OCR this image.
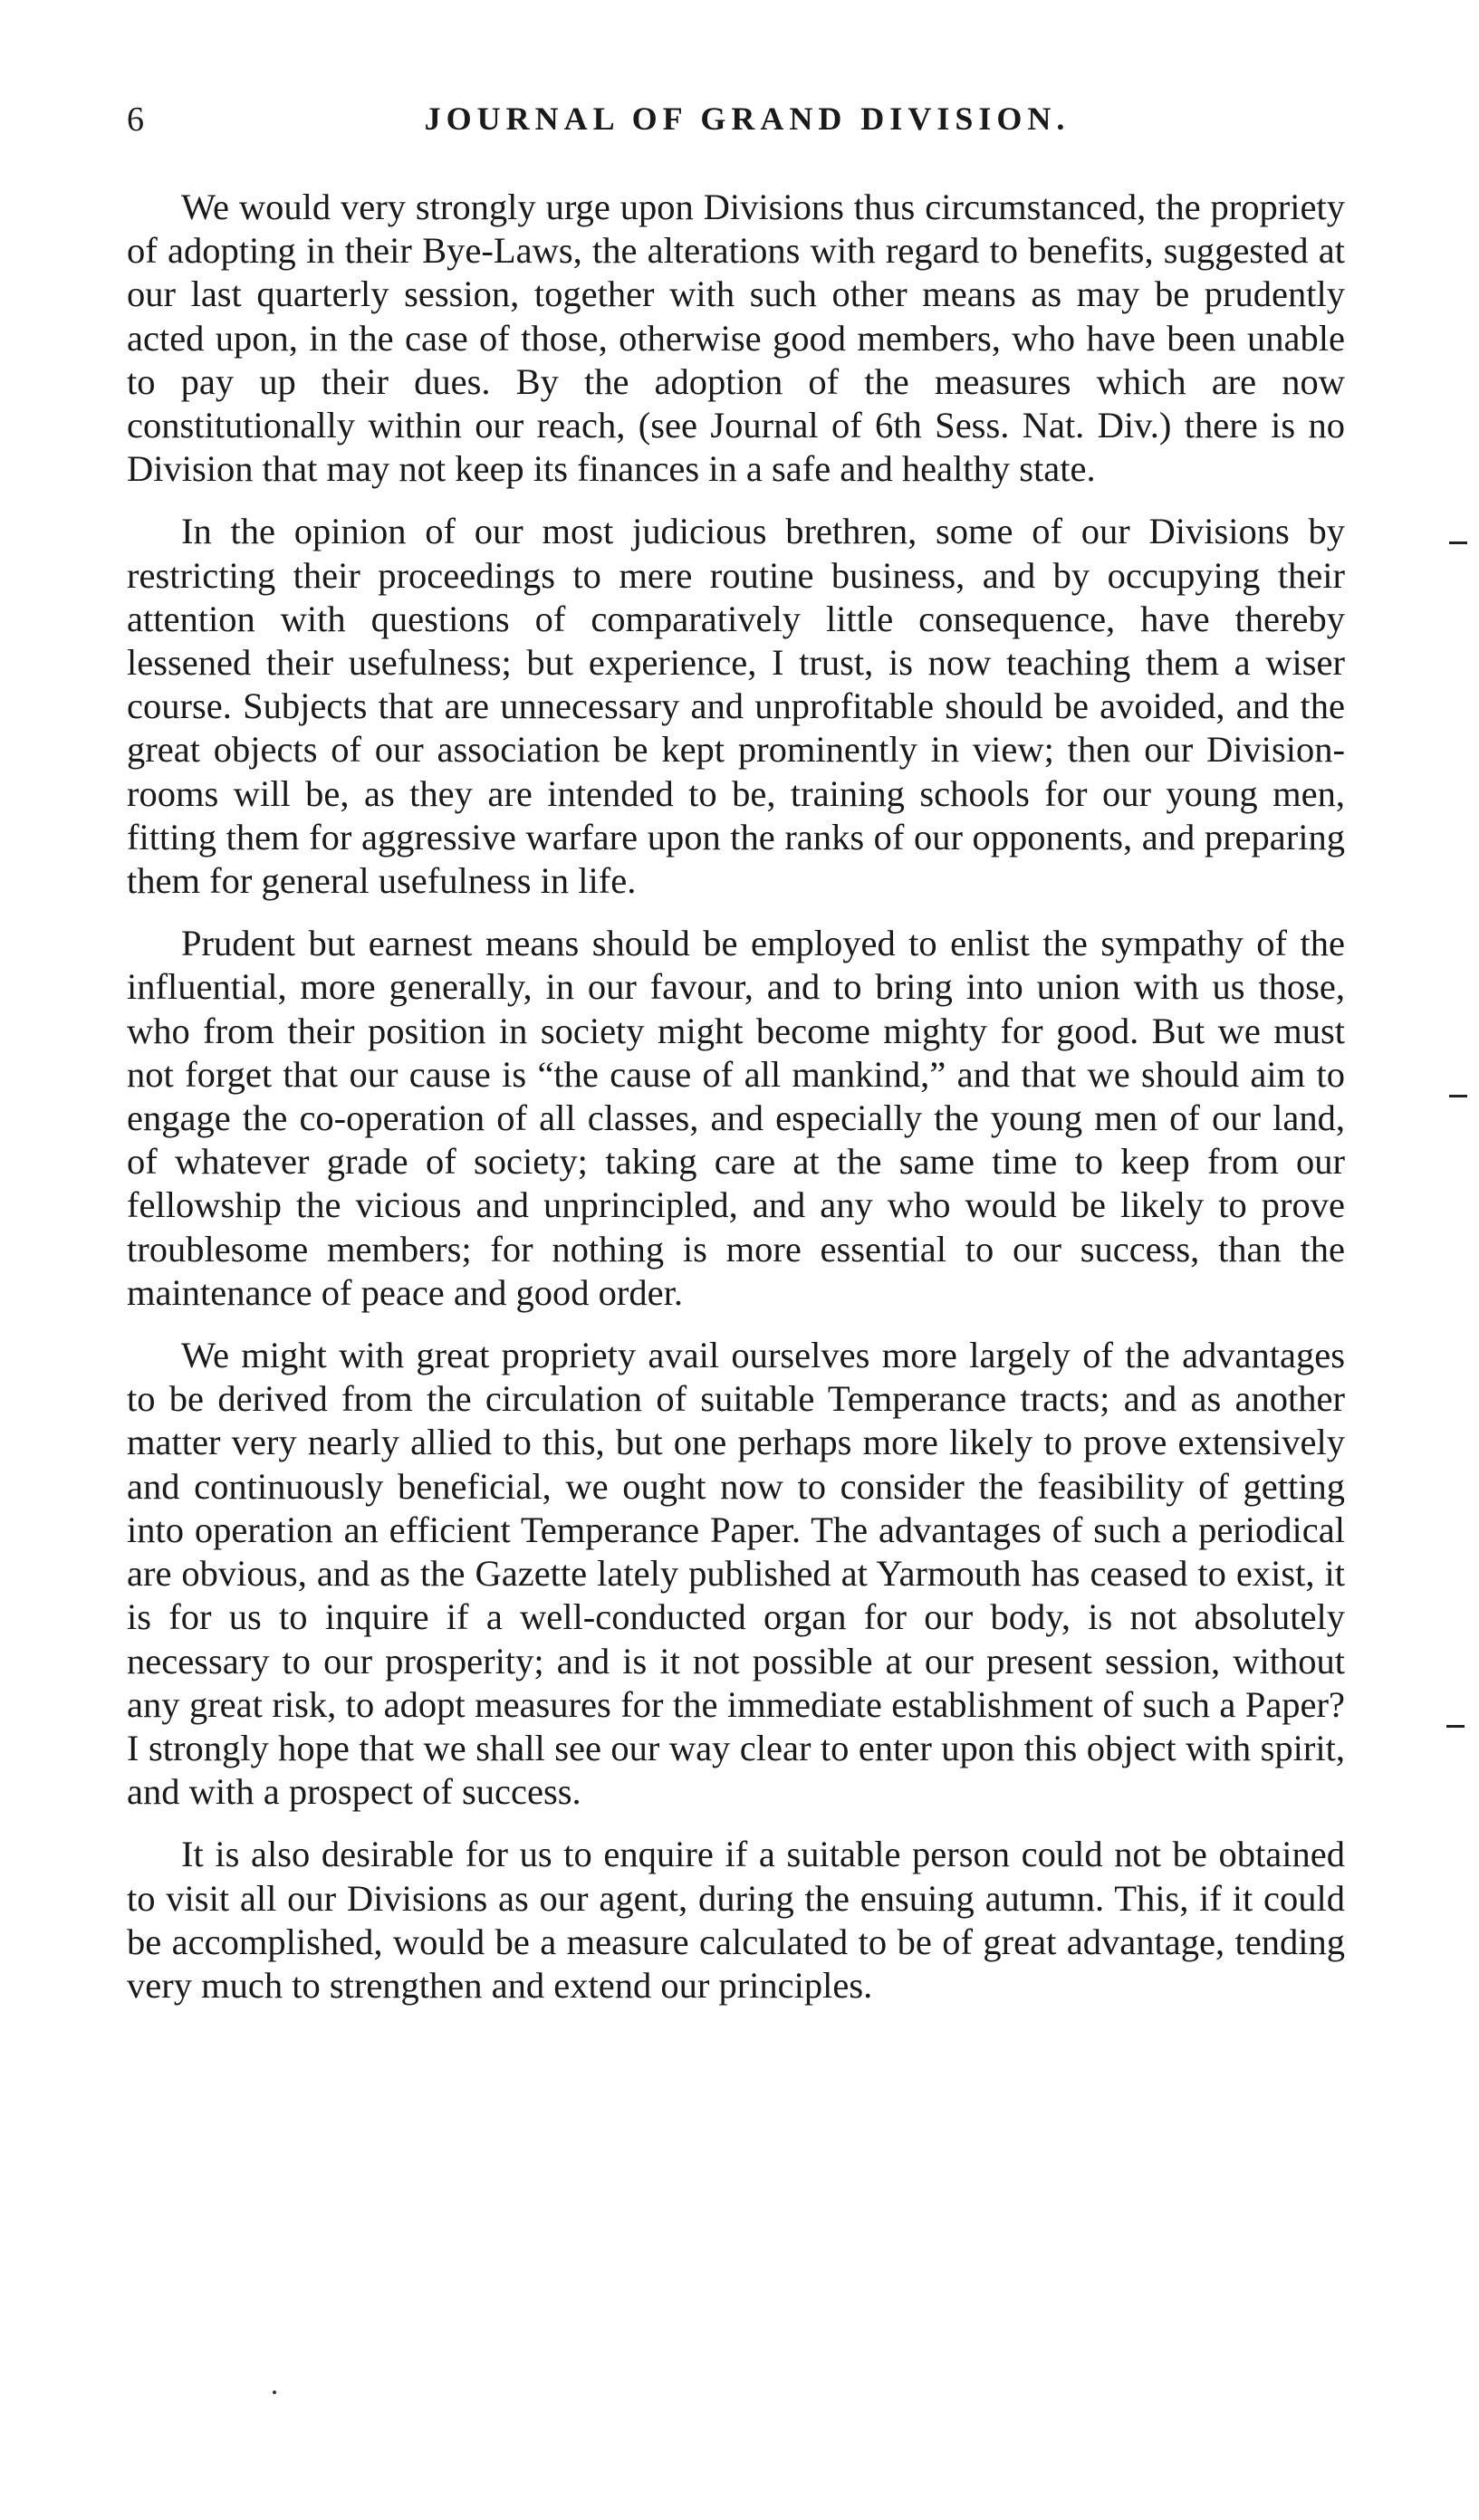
6	JOURNAL OF GRAND DIVISION.

We would very strongly urge upon Divisions thus circumstanced, the propriety of adopting in their Bye-Laws, the alterations with regard to benefits, suggested at our last quarterly session, together with such other means as may be prudently acted upon, in the case of those, otherwise good members, who have been unable to pay up their dues. By the adoption of the measures which are now constitutionally within our reach, (see Journal of 6th Sess. Nat. Div.) there is no Division that may not keep its finances in a safe and healthy state.

In the opinion of our most judicious brethren, some of our Divisions by restricting their proceedings to mere routine business, and by occupying their attention with questions of comparatively little consequence, have thereby lessened their usefulness; but experience, I trust, is now teaching them a wiser course. Subjects that are unnecessary and unprofitable should be avoided, and the great objects of our association be kept prominently in view; then our Division-rooms will be, as they are intended to be, training schools for our young men, fitting them for aggressive warfare upon the ranks of our opponents, and preparing them for general usefulness in life.

Prudent but earnest means should be employed to enlist the sympathy of the influential, more generally, in our favour, and to bring into union with us those, who from their position in society might become mighty for good. But we must not forget that our cause is “the cause of all mankind,” and that we should aim to engage the co-operation of all classes, and especially the young men of our land, of whatever grade of society; taking care at the same time to keep from our fellowship the vicious and unprincipled, and any who would be likely to prove troublesome members; for nothing is more essential to our success, than the maintenance of peace and good order.

We might with great propriety avail ourselves more largely of the advantages to be derived from the circulation of suitable Temperance tracts; and as another matter very nearly allied to this, but one perhaps more likely to prove extensively and continuously beneficial, we ought now to consider the feasibility of getting into operation an efficient Temperance Paper. The advantages of such a periodical are obvious, and as the Gazette lately published at Yarmouth has ceased to exist, it is for us to inquire if a well-conducted organ for our body, is not absolutely necessary to our prosperity; and is it not possible at our present session, without any great risk, to adopt measures for the immediate establishment of such a Paper? I strongly hope that we shall see our way clear to enter upon this object with spirit, and with a prospect of success.

It is also desirable for us to enquire if a suitable person could not be obtained to visit all our Divisions as our agent, during the ensuing autumn. This, if it could be accomplished, would be a measure calculated to be of great advantage, tending very much to strengthen and extend our principles.
